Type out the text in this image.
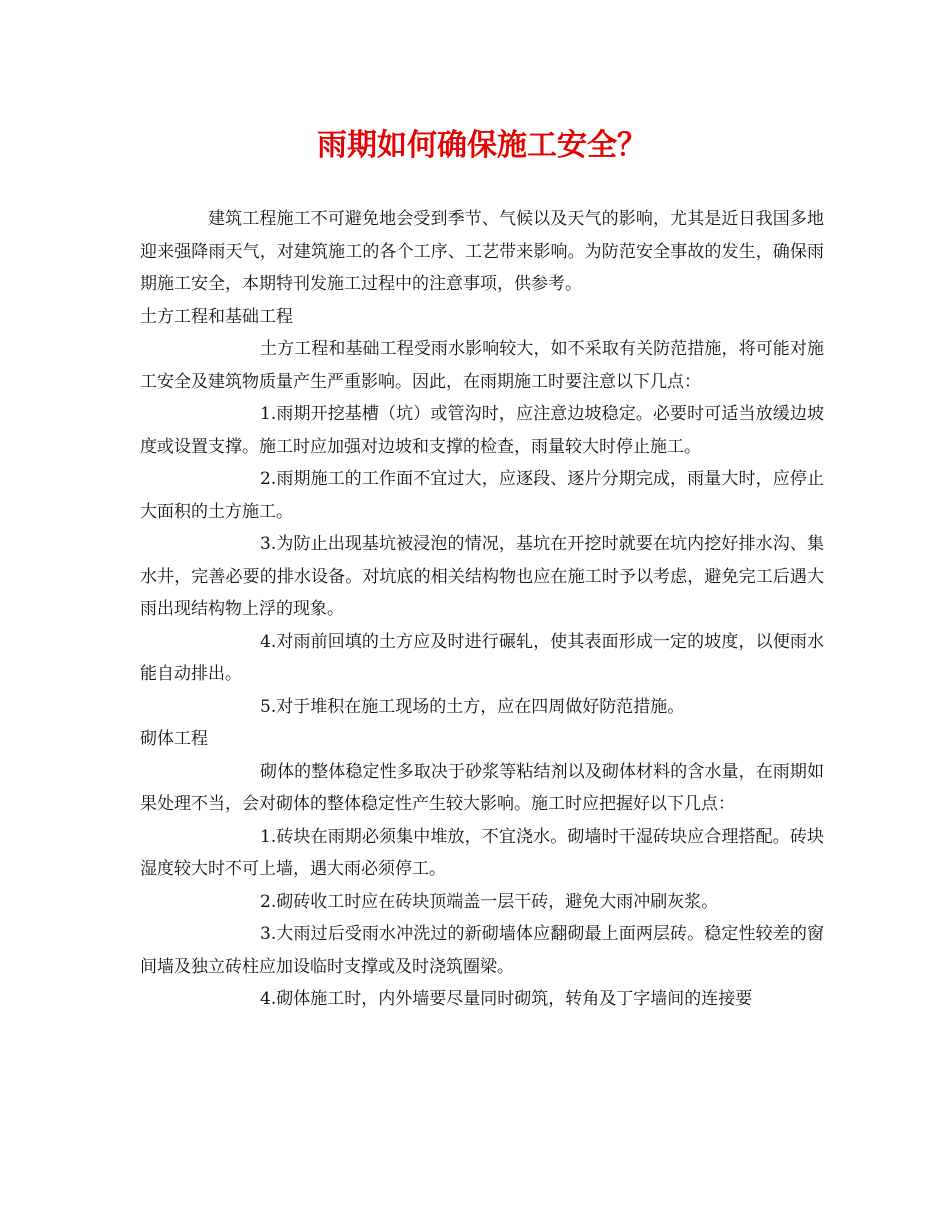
雨期如何确保施工安全？

建筑工程施工不可避免地会受到季节、气候以及天气的影响，尤其是近日我国多地迎来强降雨天气，对建筑施工的各个工序、工艺带来影响。为防范安全事故的发生，确保雨期施工安全，本期特刊发施工过程中的注意事项，供参考。

土方工程和基础工程

土方工程和基础工程受雨水影响较大，如不采取有关防范措施，将可能对施工安全及建筑物质量产生严重影响。因此，在雨期施工时要注意以下几点：

1.雨期开挖基槽（坑）或管沟时，应注意边坡稳定。必要时可适当放缓边坡度或设置支撑。施工时应加强对边坡和支撑的检查，雨量较大时停止施工。

2.雨期施工的工作面不宜过大，应逐段、逐片分期完成，雨量大时，应停止大面积的土方施工。

3.为防止出现基坑被浸泡的情况，基坑在开挖时就要在坑内挖好排水沟、集水井，完善必要的排水设备。对坑底的相关结构物也应在施工时予以考虑，避免完工后遇大雨出现结构物上浮的现象。

4.对雨前回填的土方应及时进行碾轧，使其表面形成一定的坡度，以便雨水能自动排出。

5.对于堆积在施工现场的土方，应在四周做好防范措施。

砌体工程

砌体的整体稳定性多取决于砂浆等粘结剂以及砌体材料的含水量，在雨期如果处理不当，会对砌体的整体稳定性产生较大影响。施工时应把握好以下几点：

1.砖块在雨期必须集中堆放，不宜浇水。砌墙时干湿砖块应合理搭配。砖块湿度较大时不可上墙，遇大雨必须停工。

2.砌砖收工时应在砖块顶端盖一层干砖，避免大雨冲刷灰浆。

3.大雨过后受雨水冲洗过的新砌墙体应翻砌最上面两层砖。稳定性较差的窗间墙及独立砖柱应加设临时支撑或及时浇筑圈梁。

4.砌体施工时，内外墙要尽量同时砌筑，转角及丁字墙间的连接要
